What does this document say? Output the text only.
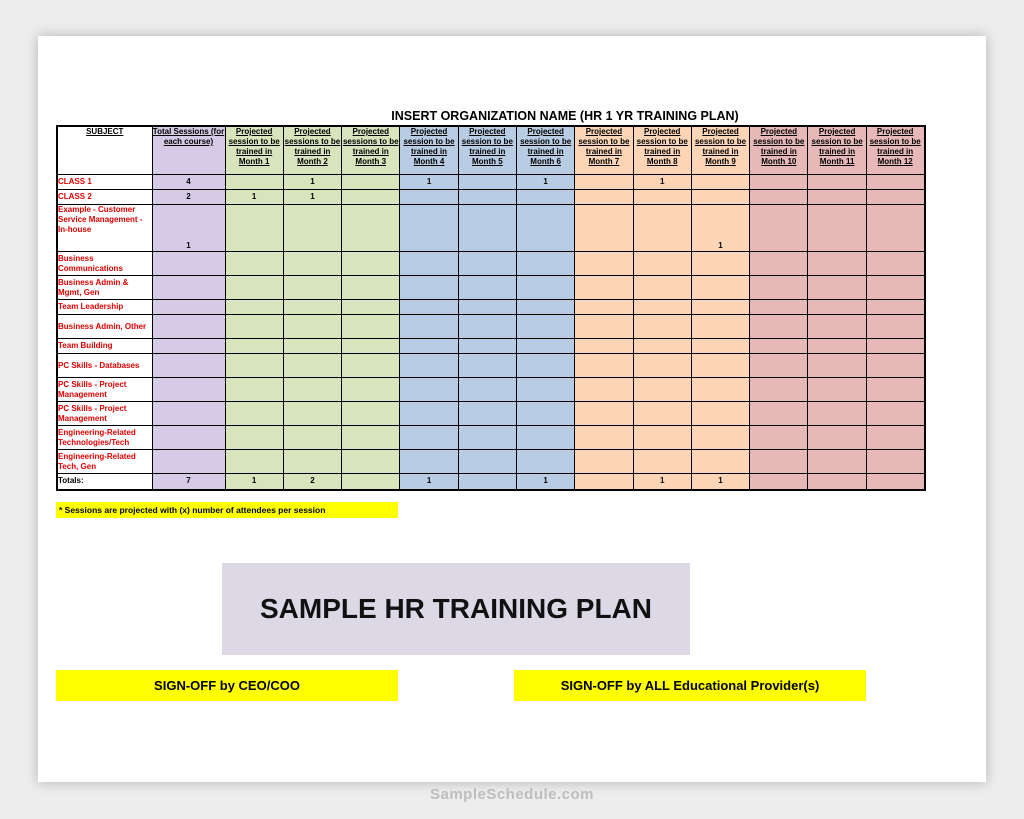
INSERT ORGANIZATION NAME (HR 1 YR TRAINING PLAN)
SUBJECT	Total Sessions (for each course)	Projected session to be trained in Month 1	Projected sessions to be trained in Month 2	Projected sessions to be trained in Month 3	Projected session to be trained in Month 4	Projected session to be trained in Month 5	Projected session to be trained in Month 6	Projected session to be trained in Month 7	Projected session to be trained in Month 8	Projected session to be trained in Month 9	Projected session to be trained in Month 10	Projected session to be trained in Month 11	Projected session to be trained in Month 12
CLASS 1	4		1		1		1		1				
CLASS 2	2	1	1										
Example - Customer Service Management - In-house	1									1			
Business Communications													
Business Admin & Mgmt, Gen													
Team Leadership													
Business Admin, Other													
Team Building													
PC Skills - Databases													
PC Skills - Project Management													
PC Skills - Project Management													
Engineering-Related Technologies/Tech													
Engineering-Related Tech, Gen													
Totals:	7	1	2		1		1		1	1			
* Sessions are projected with (x) number of attendees per session
SAMPLE HR TRAINING PLAN
SIGN-OFF by CEO/COO	SIGN-OFF by ALL Educational Provider(s)
SampleSchedule.com
